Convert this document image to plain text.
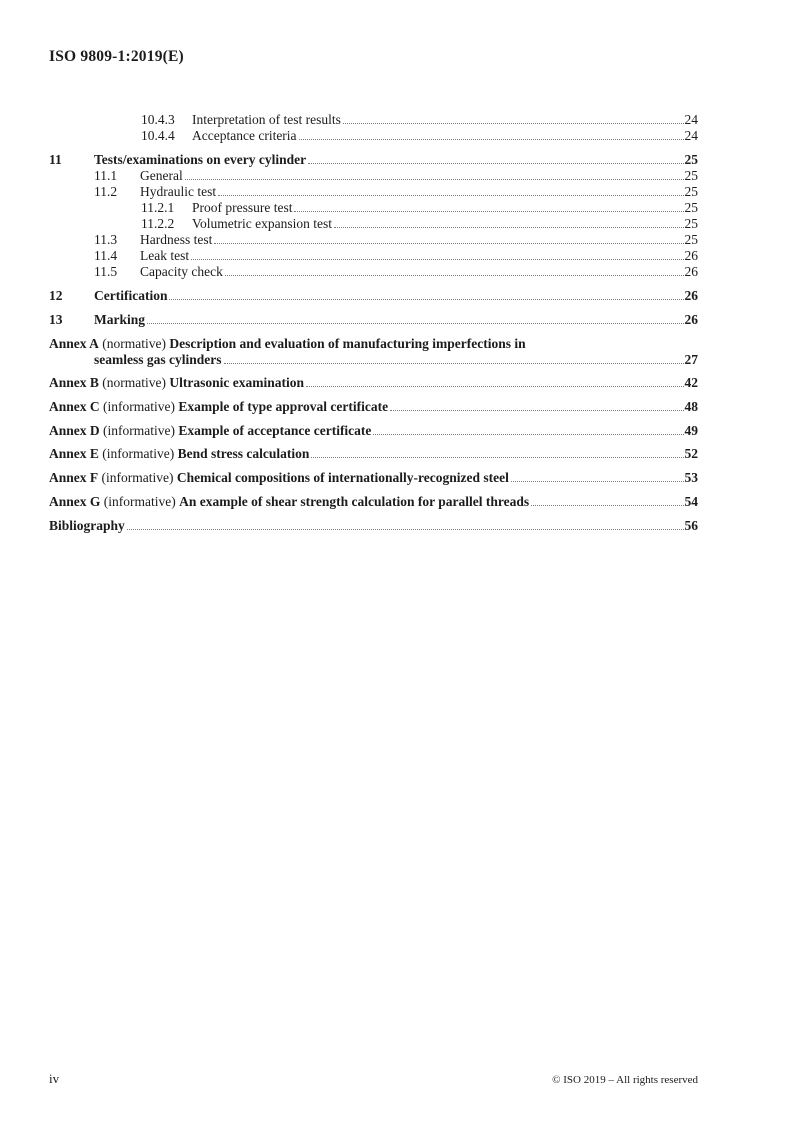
ISO 9809-1:2019(E)
10.4.3	Interpretation of test results	24
10.4.4	Acceptance criteria	24
11	Tests/examinations on every cylinder	25
11.1	General	25
11.2	Hydraulic test	25
11.2.1	Proof pressure test	25
11.2.2	Volumetric expansion test	25
11.3	Hardness test	25
11.4	Leak test	26
11.5	Capacity check	26
12	Certification	26
13	Marking	26
Annex A (normative) Description and evaluation of manufacturing imperfections in
seamless gas cylinders	27
Annex B (normative) Ultrasonic examination	42
Annex C (informative) Example of type approval certificate	48
Annex D (informative) Example of acceptance certificate	49
Annex E (informative) Bend stress calculation	52
Annex F (informative) Chemical compositions of internationally-recognized steel	53
Annex G (informative) An example of shear strength calculation for parallel threads	54
Bibliography	56
iv	© ISO 2019 – All rights reserved
